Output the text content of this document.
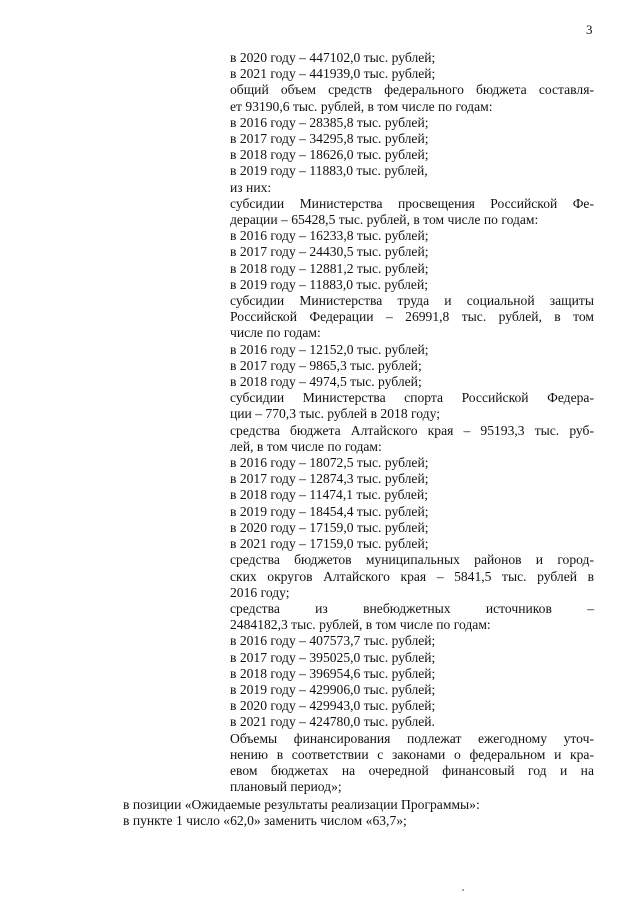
3
в 2020 году – 447102,0 тыс. рублей;
в 2021 году – 441939,0 тыс. рублей;
общий объем средств федерального бюджета составля-
ет 93190,6 тыс. рублей, в том числе по годам:
в 2016 году – 28385,8 тыс. рублей;
в 2017 году – 34295,8 тыс. рублей;
в 2018 году – 18626,0 тыс. рублей;
в 2019 году – 11883,0 тыс. рублей,
из них:
субсидии Министерства просвещения Российской Фе-
дерации – 65428,5 тыс. рублей, в том числе по годам:
в 2016 году – 16233,8 тыс. рублей;
в 2017 году – 24430,5 тыс. рублей;
в 2018 году – 12881,2 тыс. рублей;
в 2019 году – 11883,0 тыс. рублей;
субсидии Министерства труда и социальной защиты
Российской Федерации – 26991,8 тыс. рублей, в том
числе по годам:
в 2016 году – 12152,0 тыс. рублей;
в 2017 году – 9865,3 тыс. рублей;
в 2018 году – 4974,5 тыс. рублей;
субсидии Министерства спорта Российской Федера-
ции – 770,3 тыс. рублей в 2018 году;
средства бюджета Алтайского края – 95193,3 тыс. руб-
лей, в том числе по годам:
в 2016 году – 18072,5 тыс. рублей;
в 2017 году – 12874,3 тыс. рублей;
в 2018 году – 11474,1 тыс. рублей;
в 2019 году – 18454,4 тыс. рублей;
в 2020 году – 17159,0 тыс. рублей;
в 2021 году – 17159,0 тыс. рублей;
средства бюджетов муниципальных районов и город-
ских округов Алтайского края – 5841,5 тыс. рублей в
2016 году;
средства из внебюджетных источников –
2484182,3 тыс. рублей, в том числе по годам:
в 2016 году – 407573,7 тыс. рублей;
в 2017 году – 395025,0 тыс. рублей;
в 2018 году – 396954,6 тыс. рублей;
в 2019 году – 429906,0 тыс. рублей;
в 2020 году – 429943,0 тыс. рублей;
в 2021 году – 424780,0 тыс. рублей.
Объемы финансирования подлежат ежегодному уточ-
нению в соответствии с законами о федеральном и кра-
евом бюджетах на очередной финансовый год и на
плановый период»;
в позиции «Ожидаемые результаты реализации Программы»:
в пункте 1 число «62,0» заменить числом «63,7»;
